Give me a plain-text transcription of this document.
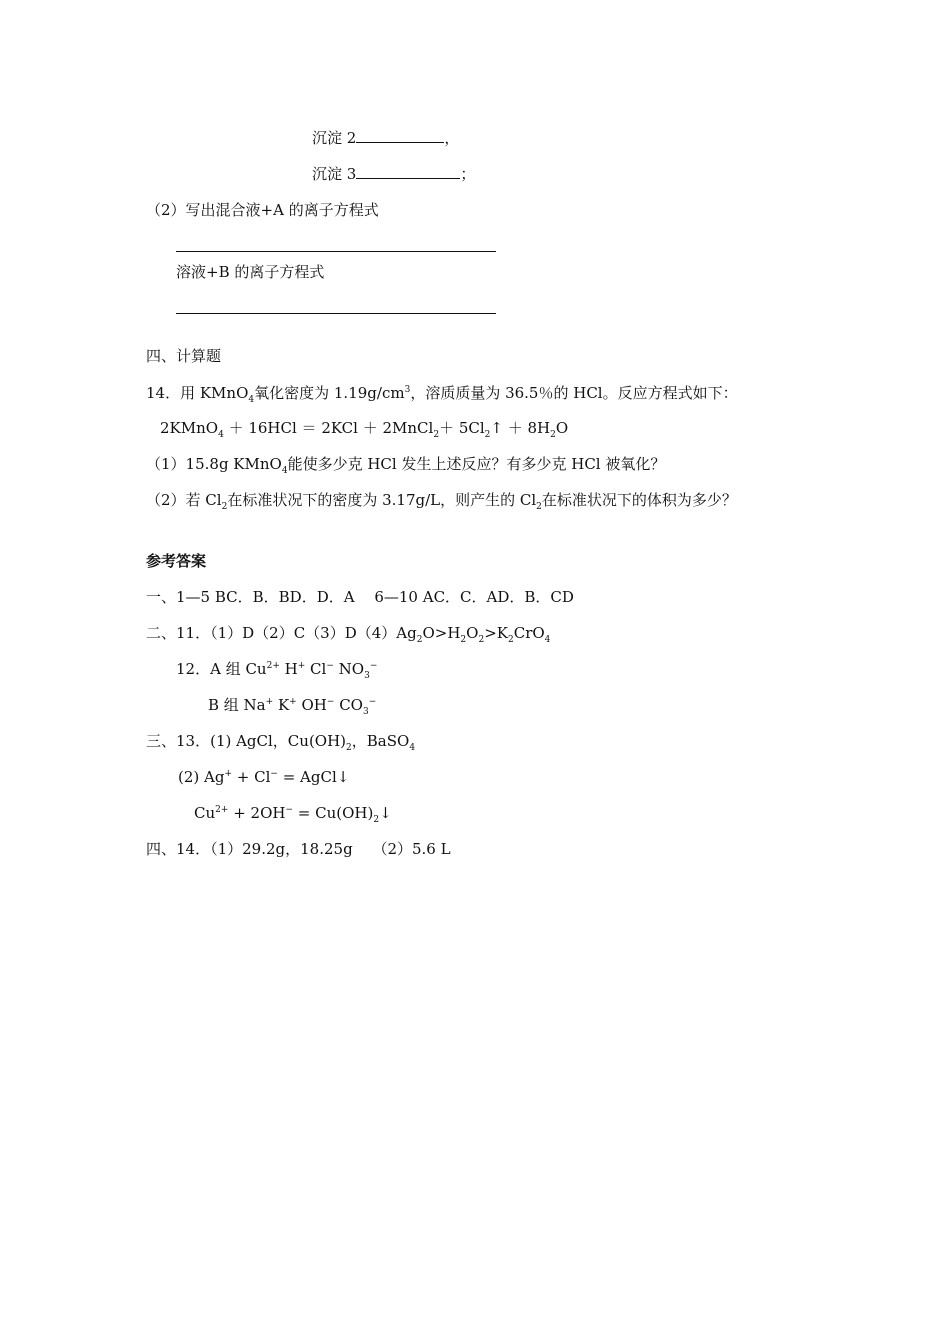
沉淀 2	，
沉淀 3	；
（2）写出混合液+A 的离子方程式
溶液+B 的离子方程式
四、计算题
14．用 KMnO$_4$氧化密度为 $1.19g/cm^3$，溶质质量为 36.5％的 HCl。反应方程式如下：
2KMnO$_4$ ＋ 16HCl ＝ 2KCl ＋ 2MnCl$_2$＋ $5Cl_2↑ + 8H_2O$
（1）15.8g KMnO$_4$能使多少克 HCl 发生上述反应？有多少克 HCl 被氧化？
（2）若 $Cl_2$在标准状况下的密度为 3.17g/L，则产生的 $Cl_2$在标准状况下的体积为多少？
参考答案
一、1—5 BC．B．BD．D．A　 6—10 AC．C．AD．B．CD
二、11．$(1)D(2)C(3)D(4)Ag_2O>H_2O_2>K_2CrO_4$
12．A 组 $Cu^{2+}$ H+ Cl− $NO_3^-$
B 组 Na+ K+ OH− $CO_3^-$
三、13．(1) AgCl，$Cu(OH)_2$，BaSO$_4$
(2) Ag+ + Cl− = AgCl↓
$Cu^{2+} + 2OH^-$ = $Cu(OH)_2↓$
四、14．（1）29.2g，18.25g　 （2）5.6 L
